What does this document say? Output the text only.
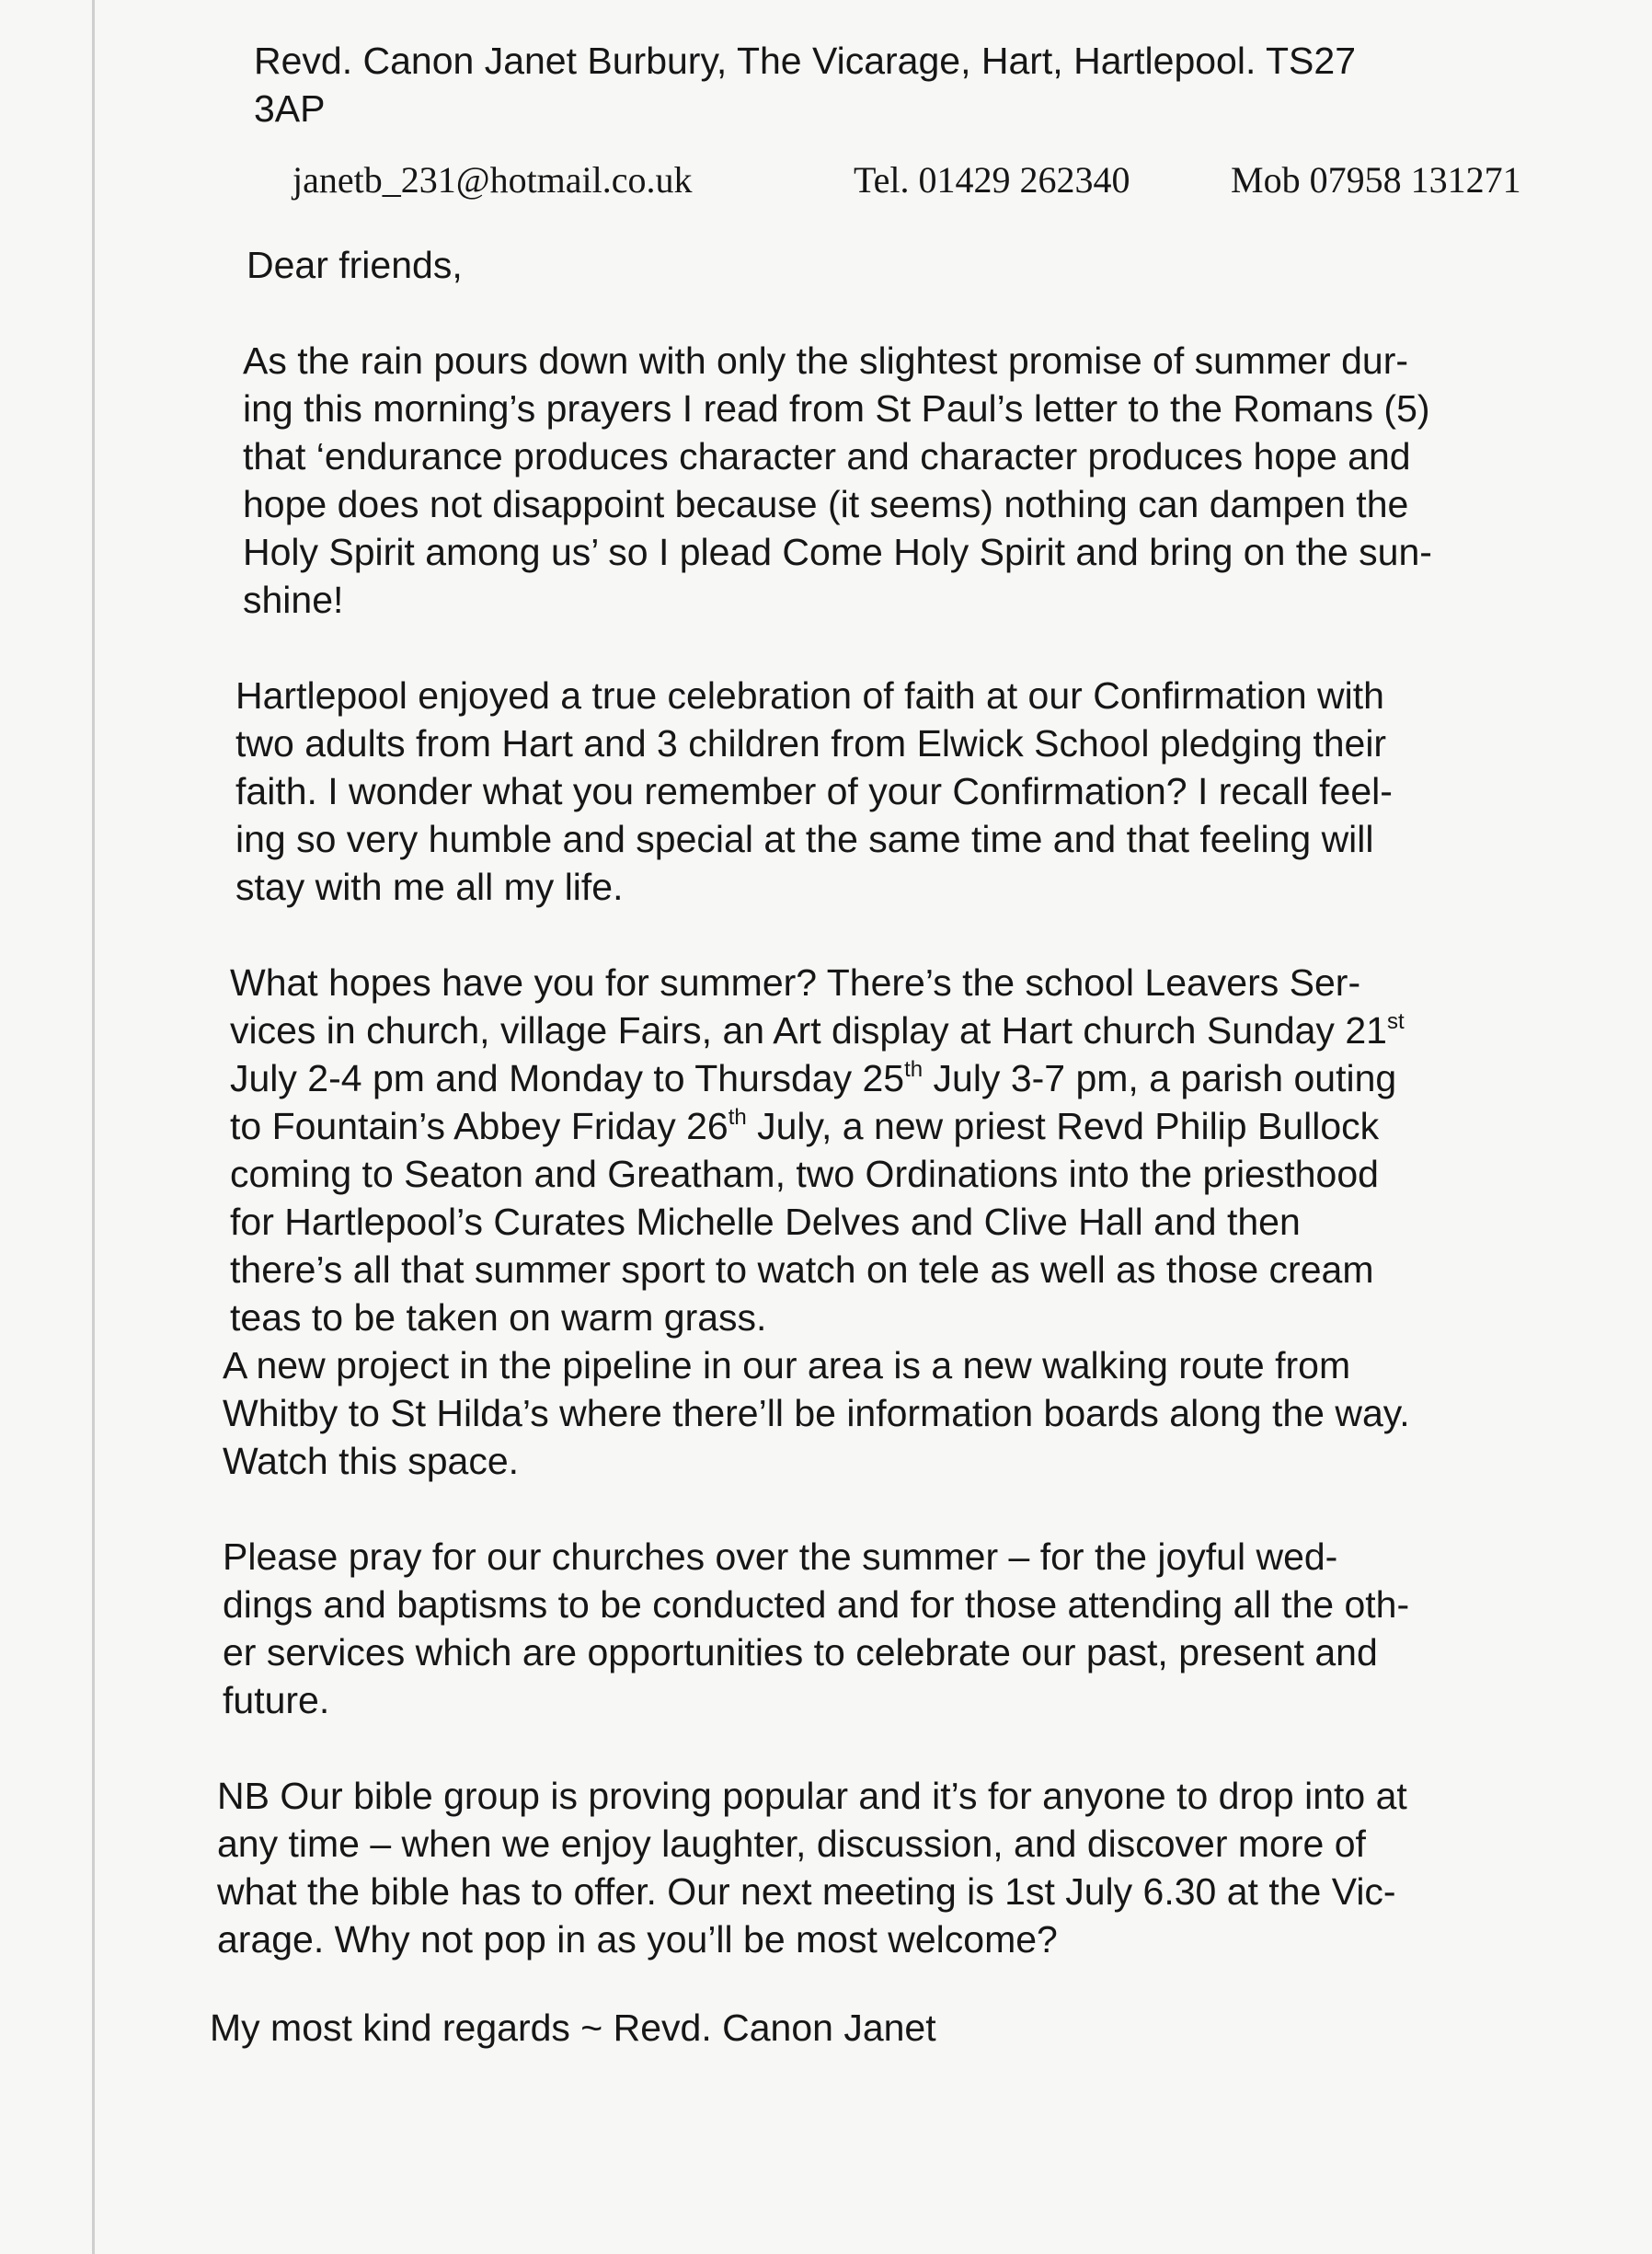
Revd. Canon Janet Burbury, The Vicarage, Hart, Hartlepool. TS27
3AP
janetb_231@hotmail.co.uk	Tel. 01429 262340	Mob 07958 131271
Dear friends,
As the rain pours down with only the slightest promise of summer dur-
ing this morning’s prayers I read from St Paul’s letter to the Romans (5)
that ‘endurance produces character and character produces hope and
hope does not disappoint because (it seems) nothing can dampen the
Holy Spirit among us’ so I plead Come Holy Spirit and bring on the sun-
shine!
Hartlepool enjoyed a true celebration of faith at our Confirmation with
two adults from Hart and 3 children from Elwick School pledging their
faith. I wonder what you remember of your Confirmation? I recall feel-
ing so very humble and special at the same time and that feeling will
stay with me all my life.
What hopes have you for summer? There’s the school Leavers Ser-
vices in church, village Fairs, an Art display at Hart church Sunday 21st
July 2-4 pm and Monday to Thursday 25th July 3-7 pm, a parish outing
to Fountain’s Abbey Friday 26th July, a new priest Revd Philip Bullock
coming to Seaton and Greatham, two Ordinations into the priesthood
for Hartlepool’s Curates Michelle Delves and Clive Hall and then
there’s all that summer sport to watch on tele as well as those cream
teas to be taken on warm grass.
A new project in the pipeline in our area is a new walking route from
Whitby to St Hilda’s where there’ll be information boards along the way.
Watch this space.
Please pray for our churches over the summer – for the joyful wed-
dings and baptisms to be conducted and for those attending all the oth-
er services which are opportunities to celebrate our past, present and
future.
NB Our bible group is proving popular and it’s for anyone to drop into at
any time – when we enjoy laughter, discussion, and discover more of
what the bible has to offer. Our next meeting is 1st July 6.30 at the Vic-
arage. Why not pop in as you’ll be most welcome?
My most kind regards ~ Revd. Canon Janet
